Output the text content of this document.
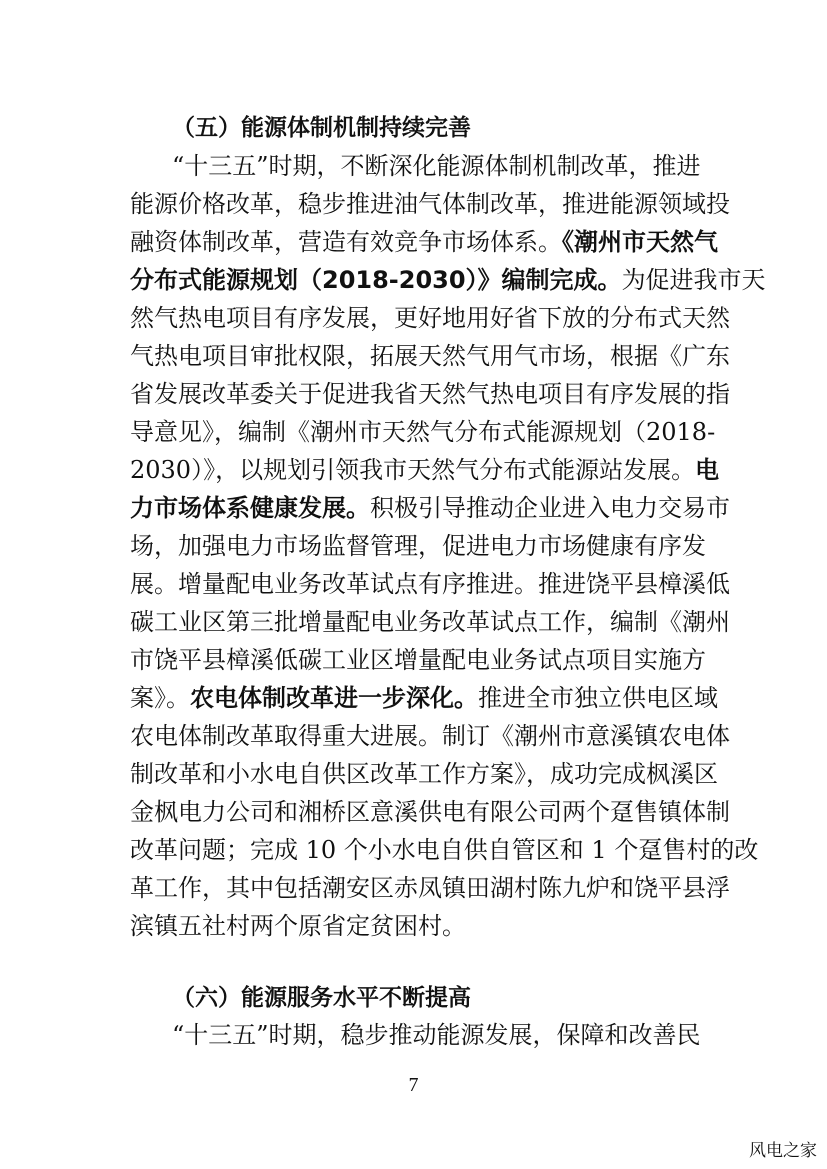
（五）能源体制机制持续完善
“十三五”时期，不断深化能源体制机制改革，推进
能源价格改革，稳步推进油气体制改革，推进能源领域投
融资体制改革，营造有效竞争市场体系。《潮州市天然气
分布式能源规划（2018-2030）》编制完成。为促进我市天
然气热电项目有序发展，更好地用好省下放的分布式天然
气热电项目审批权限，拓展天然气用气市场，根据《广东
省发展改革委关于促进我省天然气热电项目有序发展的指
导意见》，编制《潮州市天然气分布式能源规划（2018-
2030）》，以规划引领我市天然气分布式能源站发展。电
力市场体系健康发展。积极引导推动企业进入电力交易市
场，加强电力市场监督管理，促进电力市场健康有序发
展。增量配电业务改革试点有序推进。推进饶平县樟溪低
碳工业区第三批增量配电业务改革试点工作，编制《潮州
市饶平县樟溪低碳工业区增量配电业务试点项目实施方
案》。农电体制改革进一步深化。推进全市独立供电区域
农电体制改革取得重大进展。制订《潮州市意溪镇农电体
制改革和小水电自供区改革工作方案》，成功完成枫溪区
金枫电力公司和湘桥区意溪供电有限公司两个趸售镇体制
改革问题；完成 10 个小水电自供自管区和 1 个趸售村的改
革工作，其中包括潮安区赤凤镇田湖村陈九炉和饶平县浮
滨镇五社村两个原省定贫困村。
（六）能源服务水平不断提高
“十三五”时期，稳步推动能源发展，保障和改善民
7
风电之家
